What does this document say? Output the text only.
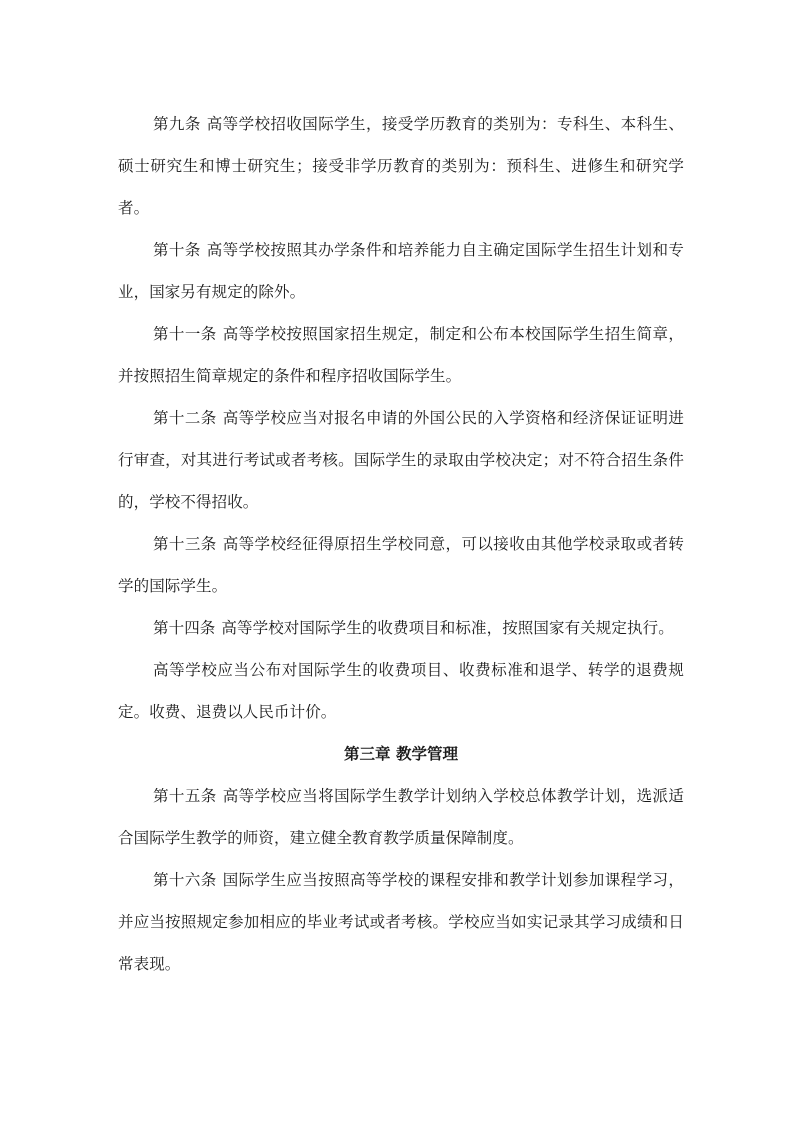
第九条 高等学校招收国际学生，接受学历教育的类别为：专科生、本科生、硕士研究生和博士研究生；接受非学历教育的类别为：预科生、进修生和研究学者。

第十条 高等学校按照其办学条件和培养能力自主确定国际学生招生计划和专业，国家另有规定的除外。

第十一条 高等学校按照国家招生规定，制定和公布本校国际学生招生简章，并按照招生简章规定的条件和程序招收国际学生。

第十二条 高等学校应当对报名申请的外国公民的入学资格和经济保证证明进行审查，对其进行考试或者考核。国际学生的录取由学校决定；对不符合招生条件的，学校不得招收。

第十三条 高等学校经征得原招生学校同意，可以接收由其他学校录取或者转学的国际学生。

第十四条 高等学校对国际学生的收费项目和标准，按照国家有关规定执行。

高等学校应当公布对国际学生的收费项目、收费标准和退学、转学的退费规定。收费、退费以人民币计价。

第三章 教学管理

第十五条 高等学校应当将国际学生教学计划纳入学校总体教学计划，选派适合国际学生教学的师资，建立健全教育教学质量保障制度。

第十六条 国际学生应当按照高等学校的课程安排和教学计划参加课程学习，并应当按照规定参加相应的毕业考试或者考核。学校应当如实记录其学习成绩和日常表现。
